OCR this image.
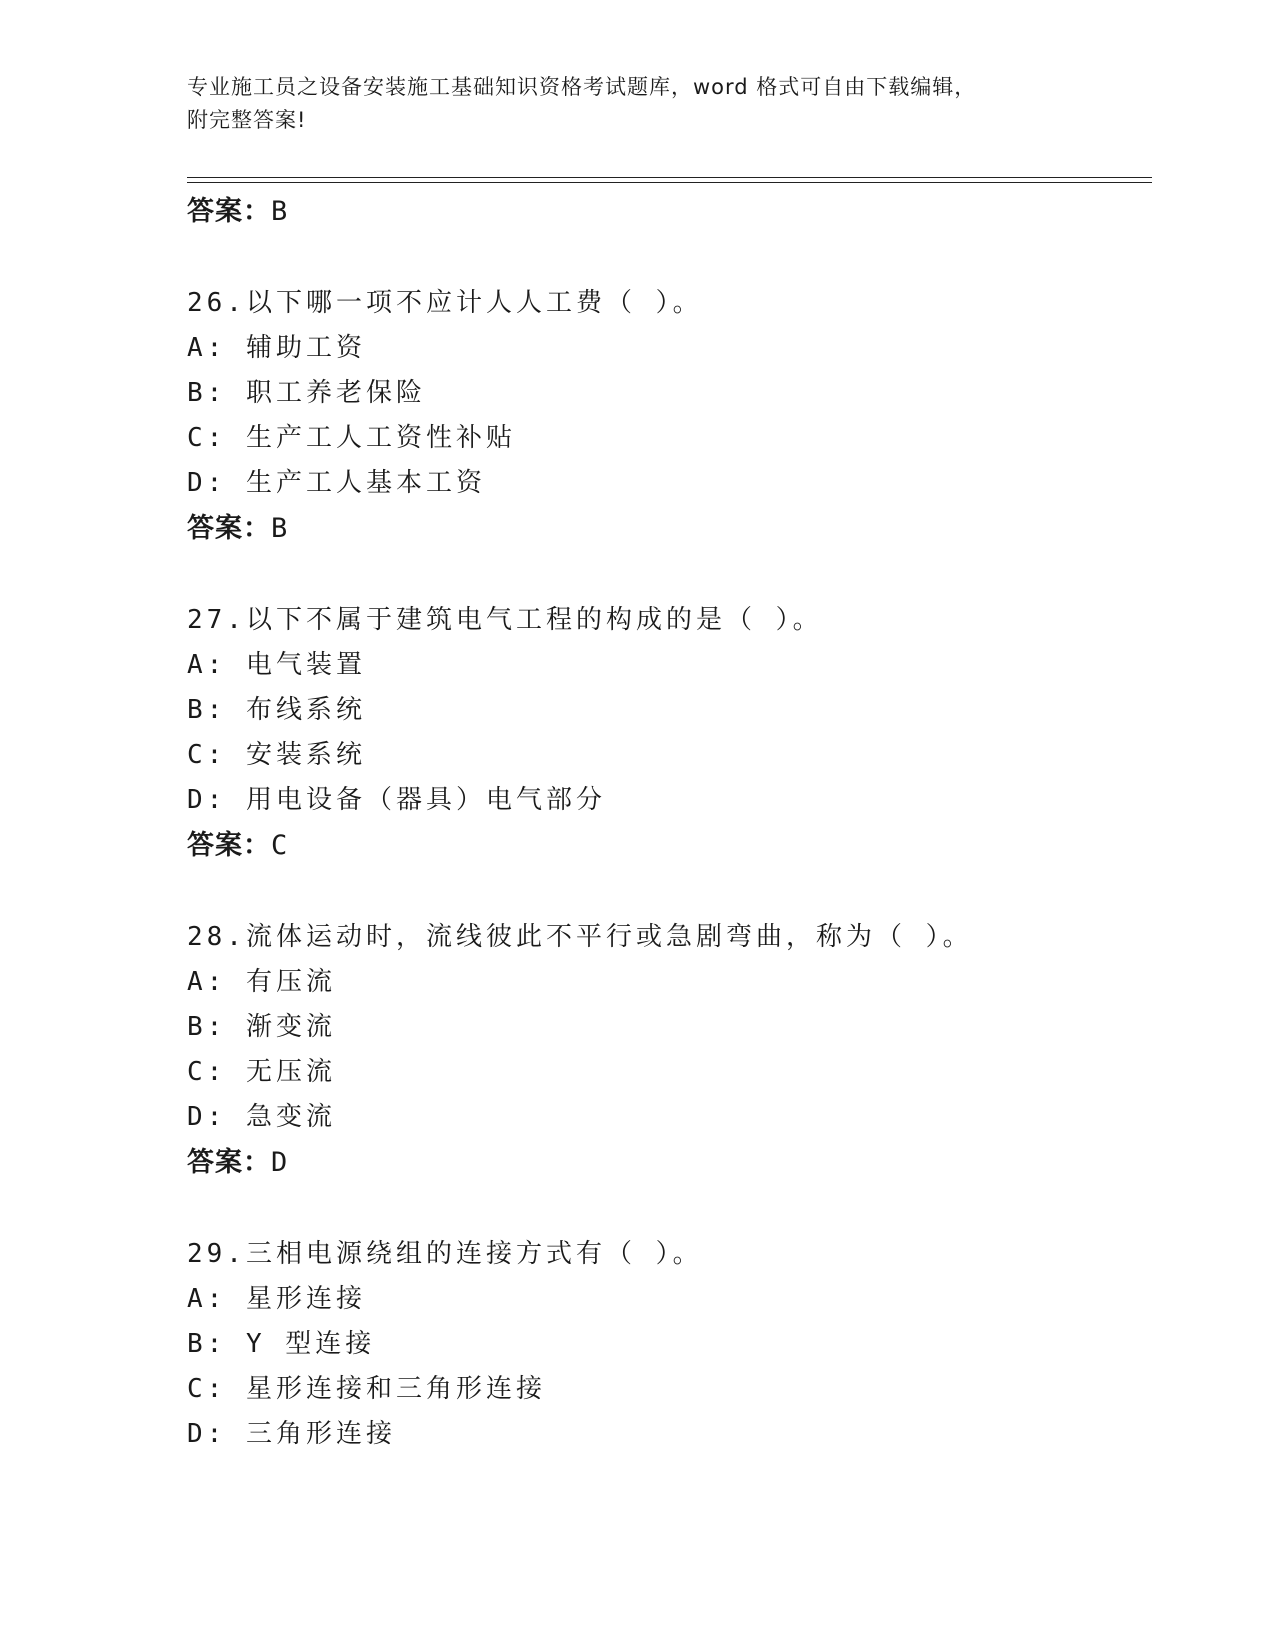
专业施工员之设备安装施工基础知识资格考试题库，word 格式可自由下载编辑，
附完整答案!
答案：B
26.以下哪一项不应计人人工费（ ）。
A: 辅助工资
B: 职工养老保险
C: 生产工人工资性补贴
D: 生产工人基本工资
答案：B
27.以下不属于建筑电气工程的构成的是（ ）。
A: 电气装置
B: 布线系统
C: 安装系统
D: 用电设备（器具）电气部分
答案：C
28.流体运动时，流线彼此不平行或急剧弯曲，称为（ ）。
A: 有压流
B: 渐变流
C: 无压流
D: 急变流
答案：D
29.三相电源绕组的连接方式有（ ）。
A: 星形连接
B: Y 型连接
C: 星形连接和三角形连接
D: 三角形连接
